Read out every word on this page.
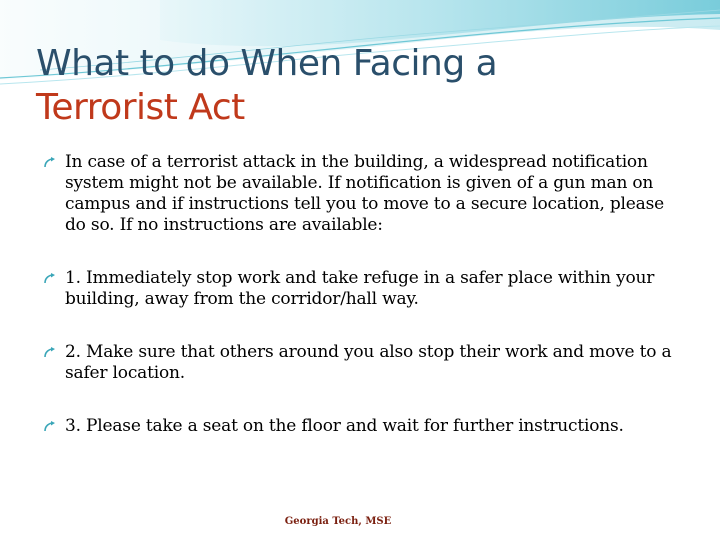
What to do When Facing a
Terrorist Act
In case of a terrorist attack in the building, a widespread notification system might not be available. If notification is given of a gun man on campus and if instructions tell you to move to a secure location, please do so. If no instructions are available:
1. Immediately stop work and take refuge in a safer place within your building, away from the corridor/hall way.
2. Make sure that others around you also stop their work and move to a safer location.
3. Please take a seat on the floor and wait for further instructions.
Georgia Tech, MSE
